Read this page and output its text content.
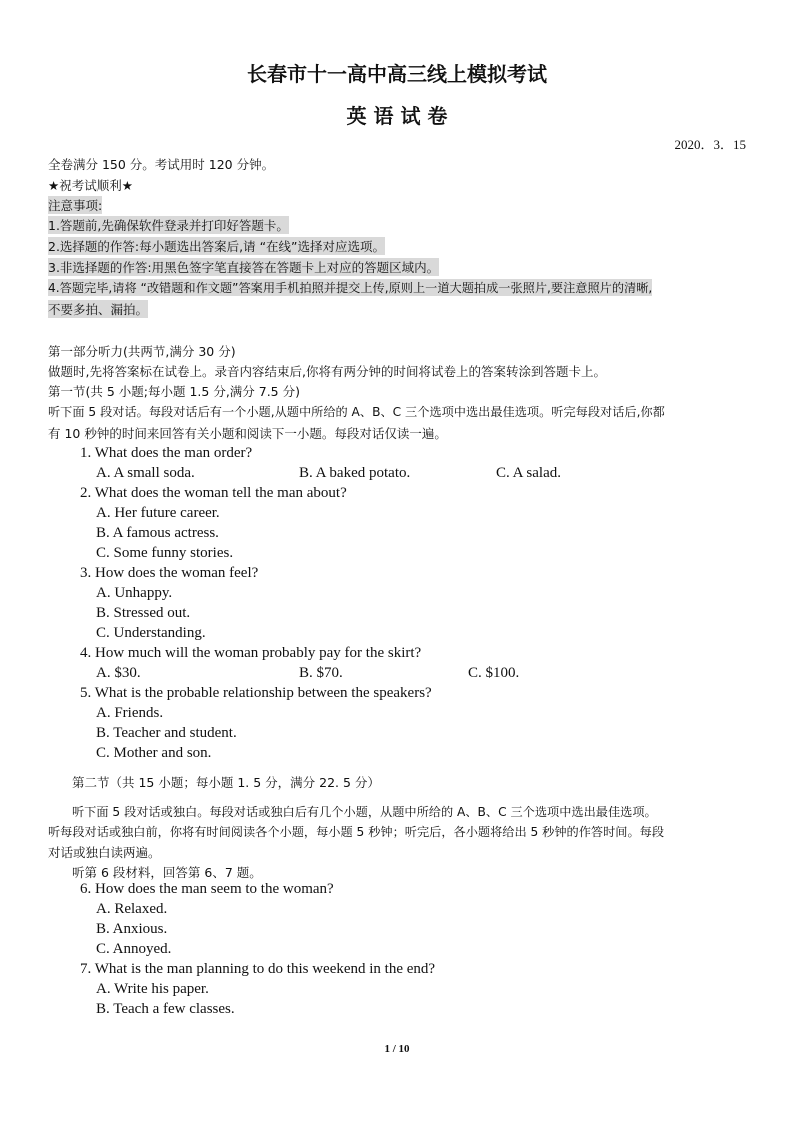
长春市十一高中高三线上模拟考试
英 语 试 卷
2020．3．15
全卷满分 150 分。考试用时 120 分钟。
★祝考试顺利★
注意事项:
1.答题前,先确保软件登录并打印好答题卡。
2.选择题的作答:每小题选出答案后,请 “在线”选择对应选项。
3.非选择题的作答:用黑色签字笔直接答在答题卡上对应的答题区域内。
4.答题完毕,请将 “改错题和作文题”答案用手机拍照并提交上传,原则上一道大题拍成一张照片,要注意照片的清晰,
不要多拍、漏拍。
第一部分听力(共两节,满分 30 分)
做题时,先将答案标在试卷上。录音内容结束后,你将有两分钟的时间将试卷上的答案转涂到答题卡上。
第一节(共 5 小题;每小题 1.5 分,满分 7.5 分)
听下面 5 段对话。每段对话后有一个小题,从题中所给的 A、B、C 三个选项中选出最佳选项。听完每段对话后,你都
有 10 秒钟的时间来回答有关小题和阅读下一小题。每段对话仅读一遍。
1. What does the man order?
A. A small soda.	B. A baked potato.	C. A salad.
2. What does the woman tell the man about?
A. Her future career.
B. A famous actress.
C. Some funny stories.
3. How does the woman feel?
A. Unhappy.
B. Stressed out.
C. Understanding.
4. How much will the woman probably pay for the skirt?
A. $30.	B. $70.	C. $100.
5. What is the probable relationship between the speakers?
A. Friends.
B. Teacher and student.
C. Mother and son.
第二节（共 15 小题；每小题 1. 5 分，满分 22. 5 分）
听下面 5 段对话或独白。每段对话或独白后有几个小题，从题中所给的 A、B、C 三个选项中选出最佳选项。
听每段对话或独白前，你将有时间阅读各个小题，每小题 5 秒钟；听完后，各小题将给出 5 秒钟的作答时间。每段
对话或独白读两遍。
听第 6 段材料，回答第 6、7 题。
6. How does the man seem to the woman?
A. Relaxed.
B. Anxious.
C. Annoyed.
7. What is the man planning to do this weekend in the end?
A. Write his paper.
B. Teach a few classes.
1 / 10
